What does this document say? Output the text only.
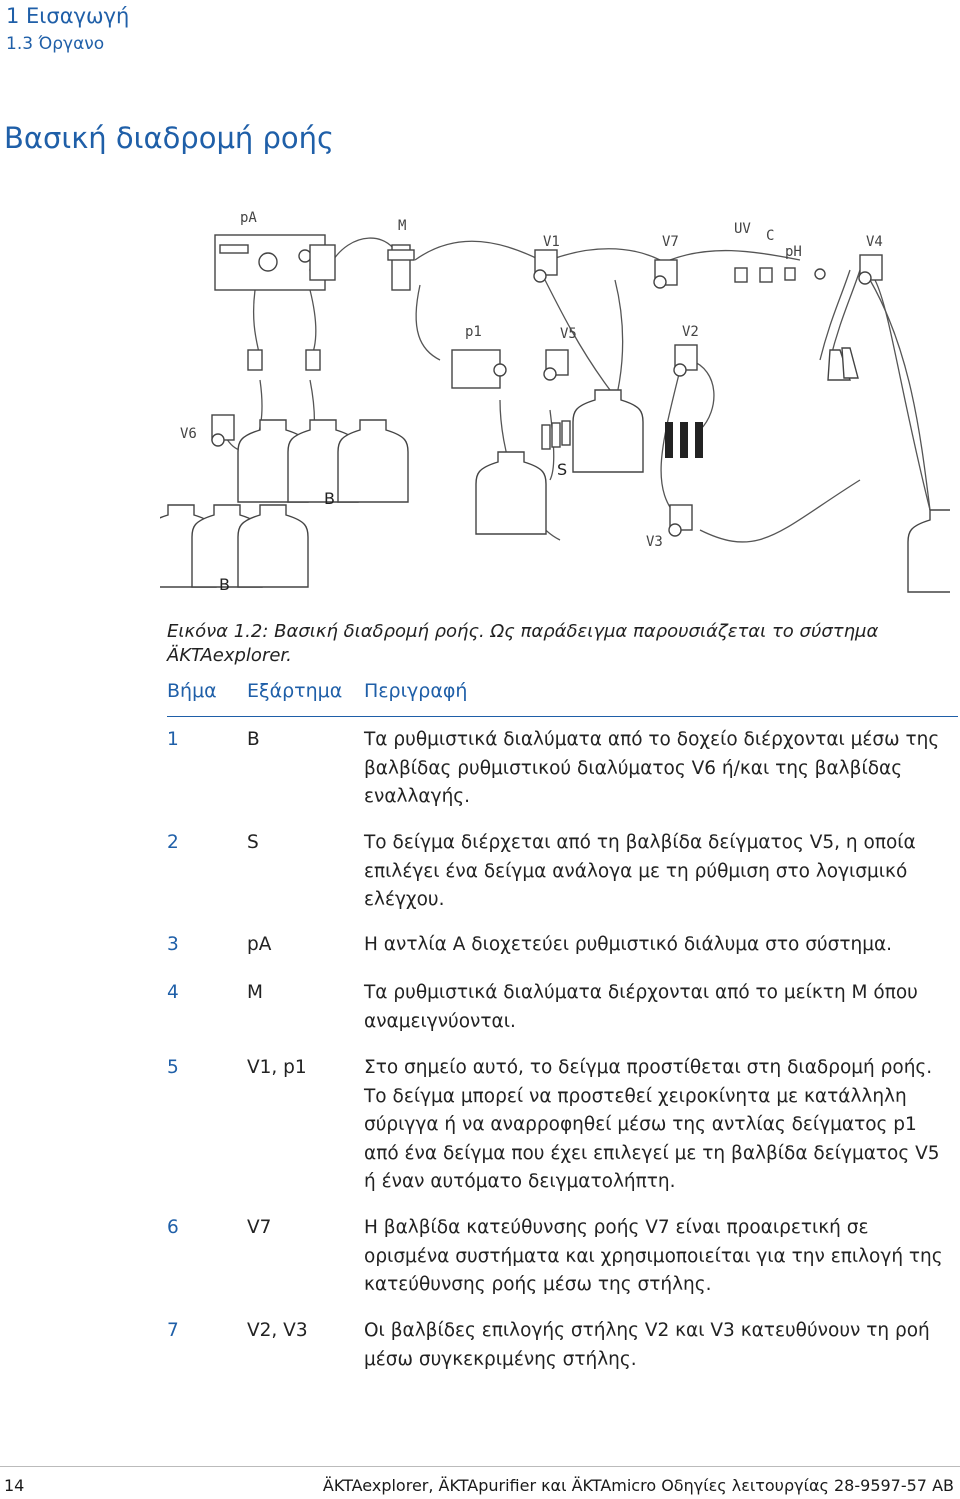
1 Εισαγωγή
1.3 Όργανο
Βασική διαδρομή ροής
pA	M
V1	V7
UV C
pH
V4
p1	V5	V2
V6
B
S
V3
B
Εικόνα 1.2: Βασική διαδρομή ροής. Ως παράδειγμα παρουσιάζεται το σύστημα ÄKTAexplorer.
Βήμα Εξάρτημα Περιγραφή
1	B	Τα ρυθμιστικά διαλύματα από το δοχείο διέρχονται μέσω της βαλβίδας ρυθμιστικού διαλύματος V6 ή/και της βαλβίδας εναλλαγής.
2	S	Το δείγμα διέρχεται από τη βαλβίδα δείγματος V5, η οποία επιλέγει ένα δείγμα ανάλογα με τη ρύθμιση στο λογισμικό ελέγχου.
3	pA	Η αντλία A διοχετεύει ρυθμιστικό διάλυμα στο σύστημα.
4	M	Τα ρυθμιστικά διαλύματα διέρχονται από το μείκτη M όπου αναμειγνύονται.
5	V1, p1	Στο σημείο αυτό, το δείγμα προστίθεται στη διαδρομή ροής. Το δείγμα μπορεί να προστεθεί χειροκίνητα με κατάλληλη σύριγγα ή να αναρροφηθεί μέσω της αντλίας δείγματος p1 από ένα δείγμα που έχει επιλεγεί με τη βαλβίδα δείγματος V5 ή έναν αυτόματο δειγματολήπτη.
6	V7	Η βαλβίδα κατεύθυνσης ροής V7 είναι προαιρετική σε ορισμένα συστήματα και χρησιμοποιείται για την επιλογή της κατεύθυνσης ροής μέσω της στήλης.
7	V2, V3	Οι βαλβίδες επιλογής στήλης V2 και V3 κατευθύνουν τη ροή μέσω συγκεκριμένης στήλης.
14	ÄKTAexplorer, ÄKTApurifier και ÄKTAmicro Οδηγίες λειτουργίας 28-9597-57 AB
